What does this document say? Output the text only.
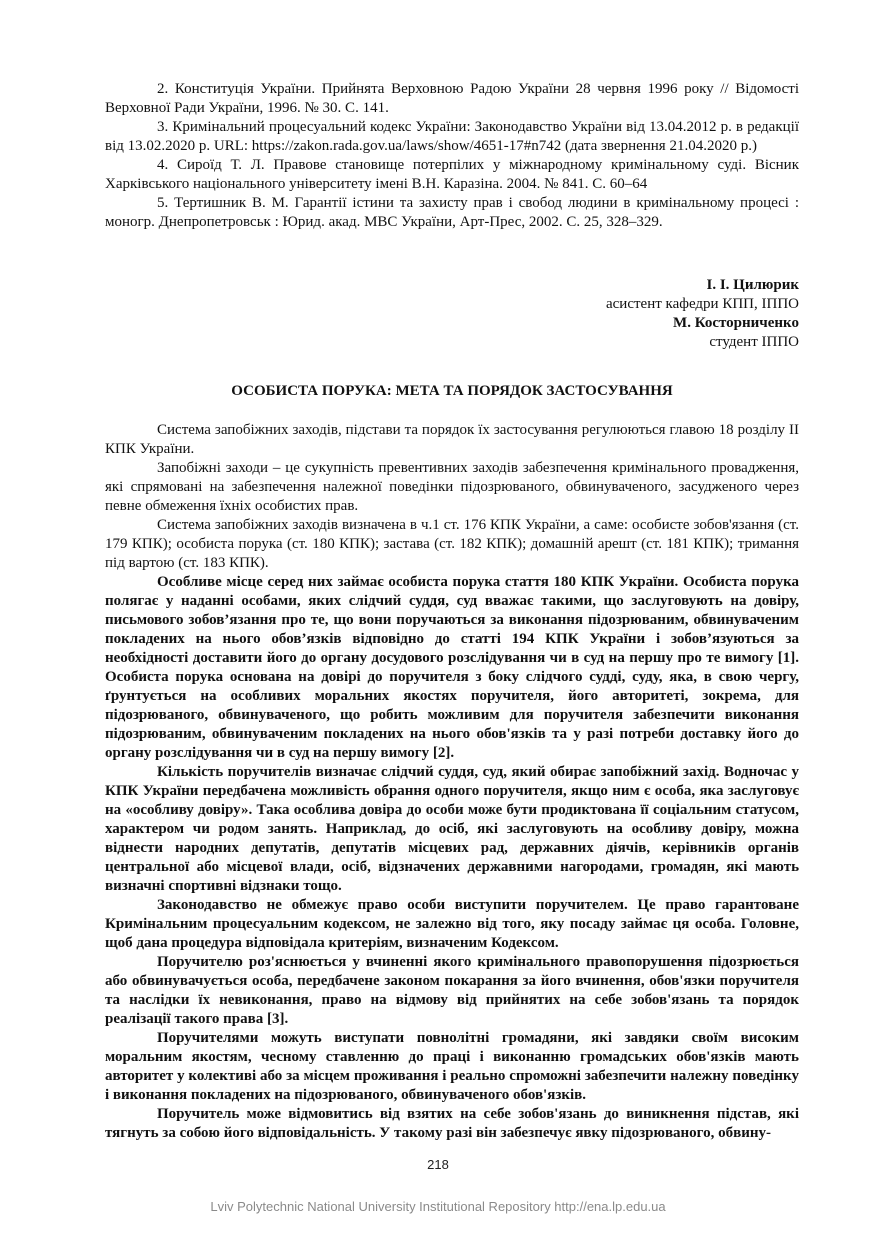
2. Конституція України. Прийнята Верховною Радою України 28 червня 1996 року // Відомості Верховної Ради України, 1996. № 30. С. 141.

3. Кримінальний процесуальний кодекс України: Законодавство України від 13.04.2012 р. в редакції від 13.02.2020 р. URL: https://zakon.rada.gov.ua/laws/show/4651-17#n742 (дата звернення 21.04.2020 р.)

4. Сироїд Т. Л. Правове становище потерпілих у міжнародному кримінальному суді. Вісник Харківського національного університету імені В.Н. Каразіна. 2004. № 841. С. 60–64

5. Тертишник В. М. Гарантії істини та захисту прав і свобод людини в кримінальному процесі : моногр. Днепропетровськ : Юрид. акад. МВС України, Арт-Прес, 2002. С. 25, 328–329.

І. І. Цилюрик
асистент кафедри КПП, ІППО
М. Косторниченко
студент ІППО
ОСОБИСТА ПОРУКА: МЕТА ТА ПОРЯДОК ЗАСТОСУВАННЯ

Система запобіжних заходів, підстави та порядок їх застосування регулюються главою 18 розділу ІІ КПК України.

Запобіжні заходи – це сукупність превентивних заходів забезпечення кримінального провадження, які спрямовані на забезпечення належної поведінки підозрюваного, обвинуваченого, засудженого через певне обмеження їхніх особистих прав.

Система запобіжних заходів визначена в ч.1 ст. 176 КПК України, а саме: особисте зобов'язання (ст. 179 КПК); особиста порука (ст. 180 КПК); застава (ст. 182 КПК); домашній арешт (ст. 181 КПК); тримання під вартою (ст. 183 КПК).

Особливе місце серед них займає особиста порука стаття 180 КПК України. Особиста порука полягає у наданні особами, яких слідчий суддя, суд вважає такими, що заслуговують на довіру, письмового зобов’язання про те, що вони поручаються за виконання підозрюваним, обвинуваченим покладених на нього обов’язків відповідно до статті 194 КПК України і зобов’язуються за необхідності доставити його до органу досудового розслідування чи в суд на першу про те вимогу [1]. Особиста порука основана на довірі до поручителя з боку слідчого судді, суду, яка, в свою чергу, ґрунтується на особливих моральних якостях поручителя, його авторитеті, зокрема, для підозрюваного, обвинуваченого, що робить можливим для поручителя забезпечити виконання підозрюваним, обвинуваченим покладених на нього обов'язків та у разі потреби доставку його до органу розслідування чи в суд на першу вимогу [2].

Кількість поручителів визначає слідчий суддя, суд, який обирає запобіжний захід. Водночас у КПК України передбачена можливість обрання одного поручителя, якщо ним є особа, яка заслуговує на «особливу довіру». Така особлива довіра до особи може бути продиктована її соціальним статусом, характером чи родом занять. Наприклад, до осіб, які заслуговують на особливу довіру, можна віднести народних депутатів, депутатів місцевих рад, державних діячів, керівників органів центральної або місцевої влади, осіб, відзначених державними нагородами, громадян, які мають визначні спортивні відзнаки тощо.

Законодавство не обмежує право особи виступити поручителем. Це право гарантоване Кримінальним процесуальним кодексом, не залежно від того, яку посаду займає ця особа. Головне, щоб дана процедура відповідала критеріям, визначеним Кодексом.

Поручителю роз'яснюється у вчиненні якого кримінального правопорушення підозрюється або обвинувачується особа, передбачене законом покарання за його вчинення, обов'язки поручителя та наслідки їх невиконання, право на відмову від прийнятих на себе зобов'язань та порядок реалізації такого права [3].

Поручителями можуть виступати повнолітні громадяни, які завдяки своїм високим моральним якостям, чесному ставленню до праці і виконанню громадських обов'язків мають авторитет у колективі або за місцем проживання і реально спроможні забезпечити належну поведінку і виконання покладених на підозрюваного, обвинуваченого обов'язків.

Поручитель може відмовитись від взятих на себе зобов'язань до виникнення підстав, які тягнуть за собою його відповідальність. У такому разі він забезпечує явку підозрюваного, обвину-

218
Lviv Polytechnic National University Institutional Repository http://ena.lp.edu.ua
